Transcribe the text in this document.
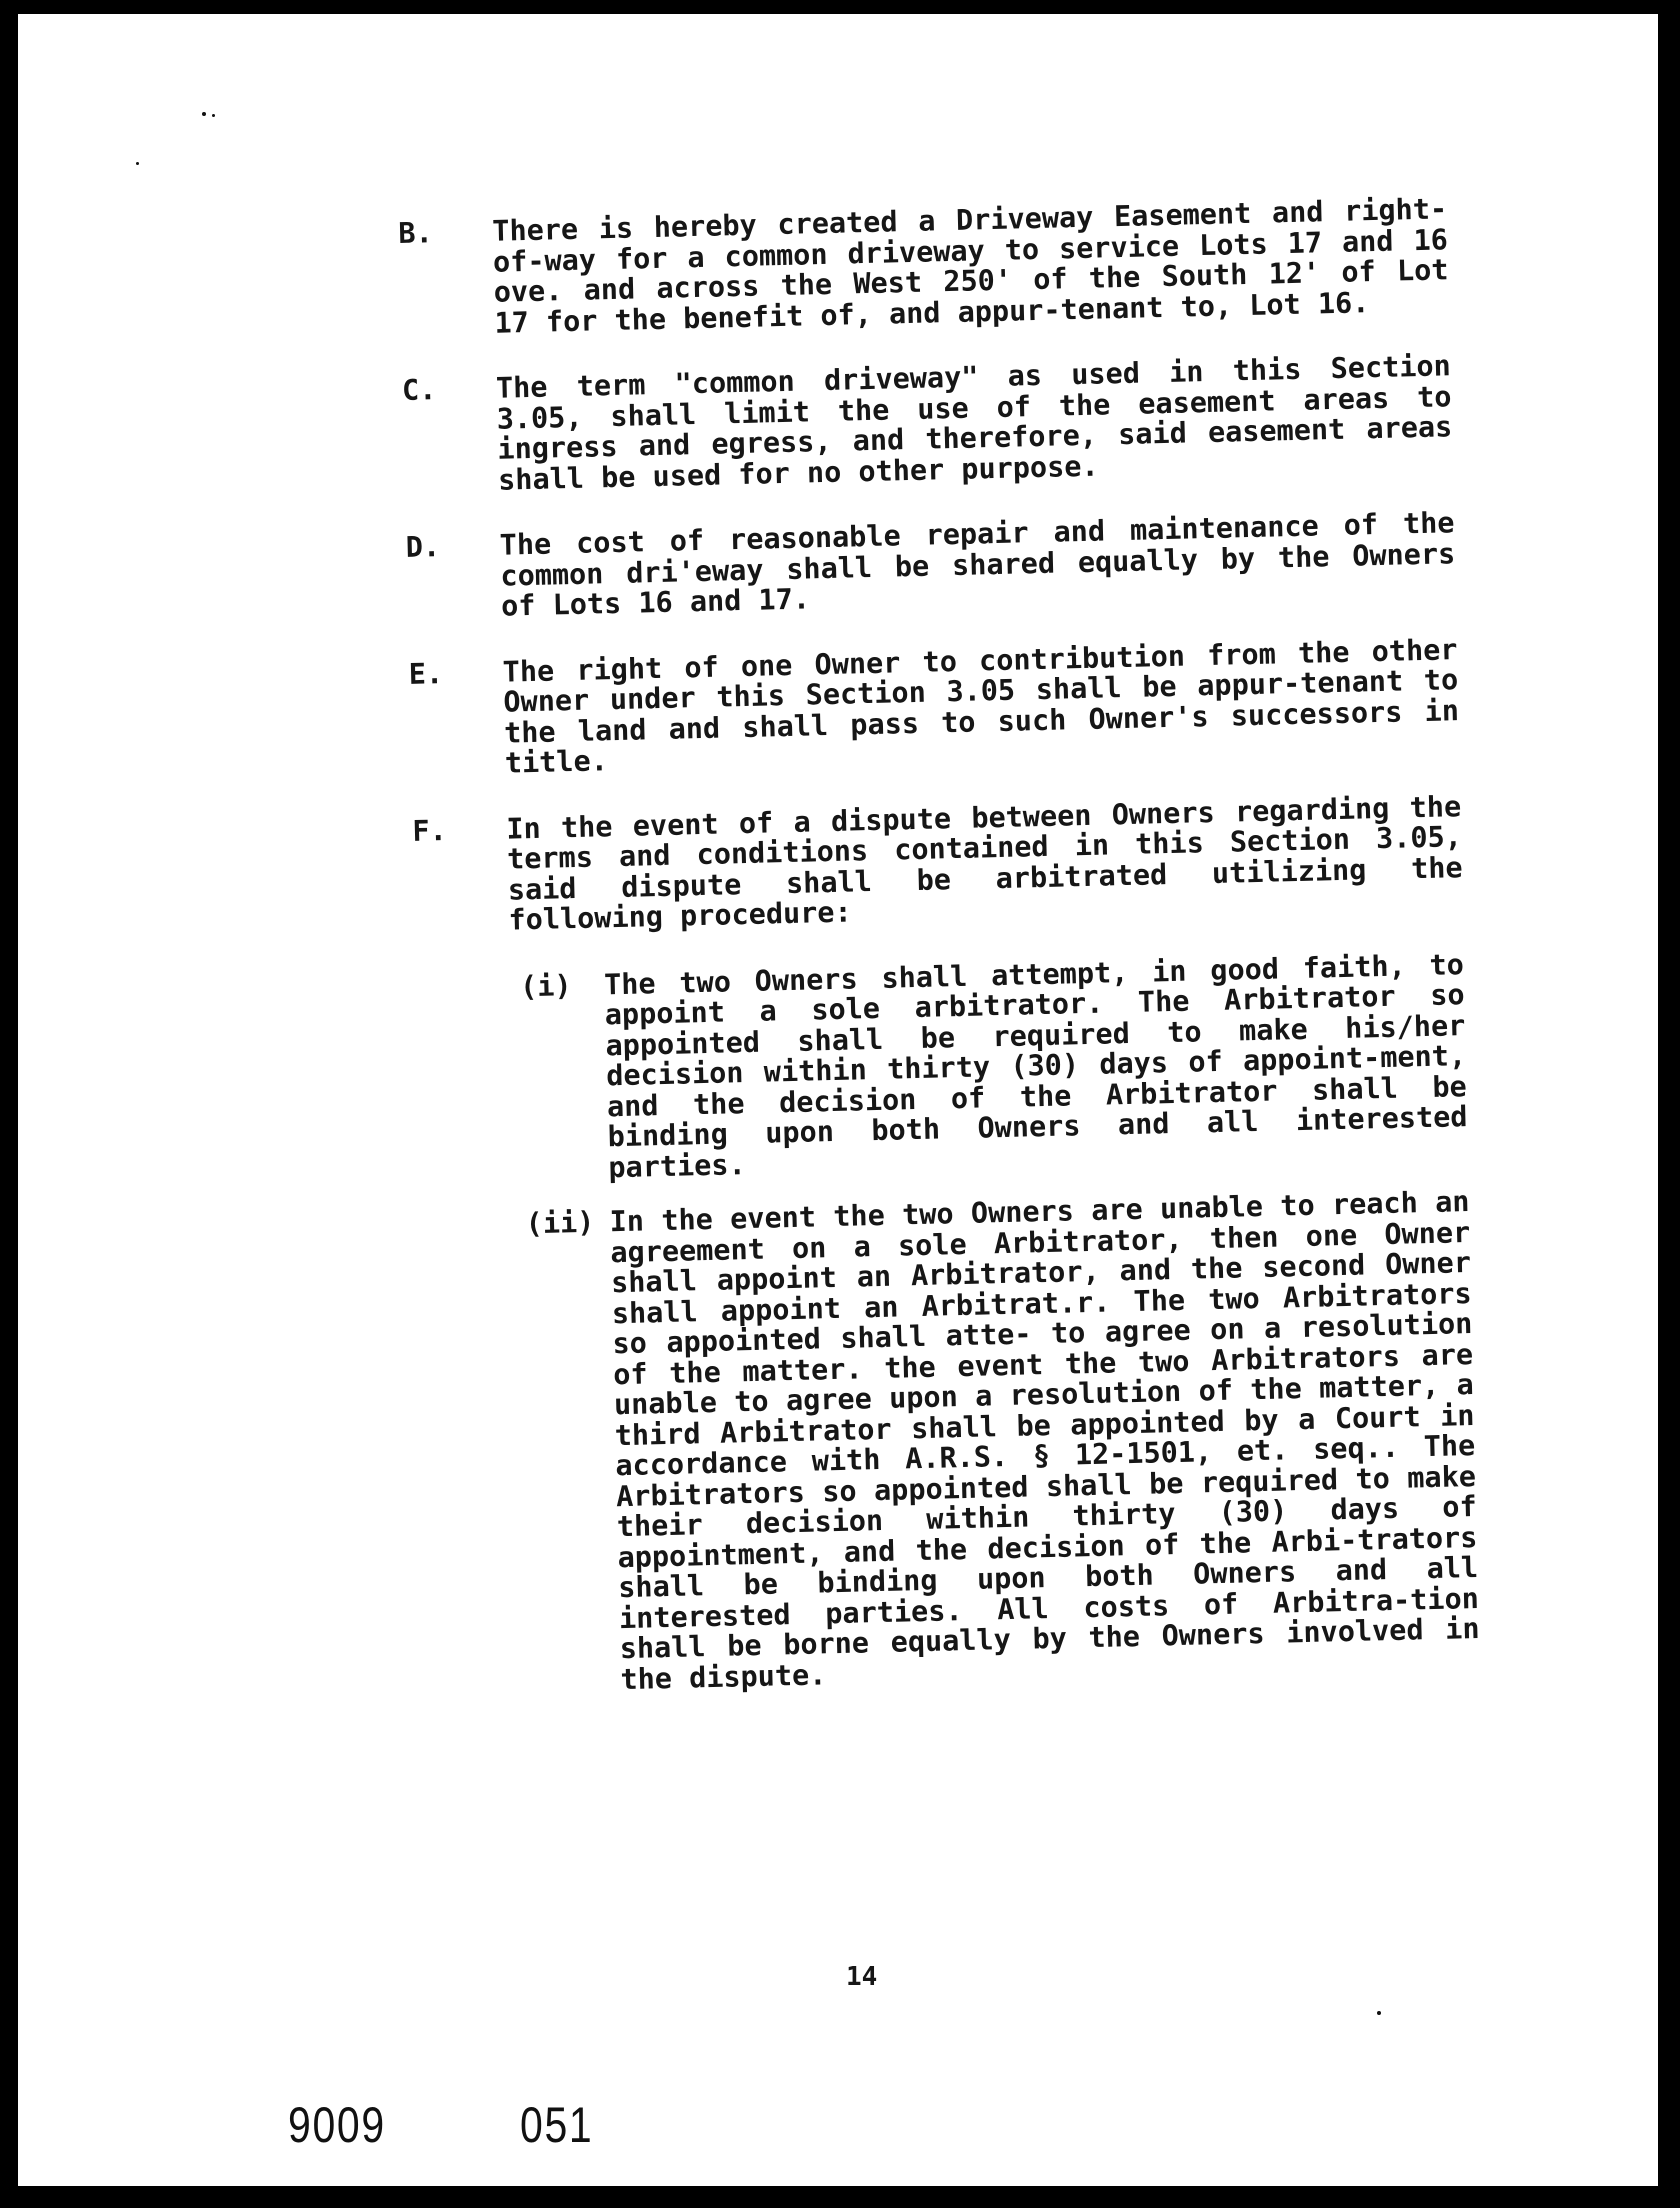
B. There is hereby created a Driveway Easement and right-of-way for a common driveway to service Lots 17 and 16 ove. and across the West 250' of the South 12' of Lot 17 for the benefit of, and appur-tenant to, Lot 16.
C. The term "common driveway" as used in this Section 3.05, shall limit the use of the easement areas to ingress and egress, and therefore, said easement areas shall be used for no other purpose.
D. The cost of reasonable repair and maintenance of the common dri'eway shall be shared equally by the Owners of Lots 16 and 17.
E. The right of one Owner to contribution from the other Owner under this Section 3.05 shall be appur-tenant to the land and shall pass to such Owner's successors in title.
F. In the event of a dispute between Owners regarding the terms and conditions contained in this Section 3.05, said dispute shall be arbitrated utilizing the following procedure:
(i) The two Owners shall attempt, in good faith, to appoint a sole arbitrator. The Arbitrator so appointed shall be required to make his/her decision within thirty (30) days of appoint-ment, and the decision of the Arbitrator shall be binding upon both Owners and all interested parties.
(ii) In the event the two Owners are unable to reach an agreement on a sole Arbitrator, then one Owner shall appoint an Arbitrator, and the second Owner shall appoint an Arbitrat.r. The two Arbitrators so appointed shall atte- to agree on a resolution of the matter. the event the two Arbitrators are unable to agree upon a resolution of the matter, a third Arbitrator shall be appointed by a Court in accordance with A.R.S. § 12-1501, et. seq.. The Arbitrators so appointed shall be required to make their decision within thirty (30) days of appointment, and the decision of the Arbi-trators shall be binding upon both Owners and all interested parties. All costs of Arbitra-tion shall be borne equally by the Owners involved in the dispute.
14
9009	051
